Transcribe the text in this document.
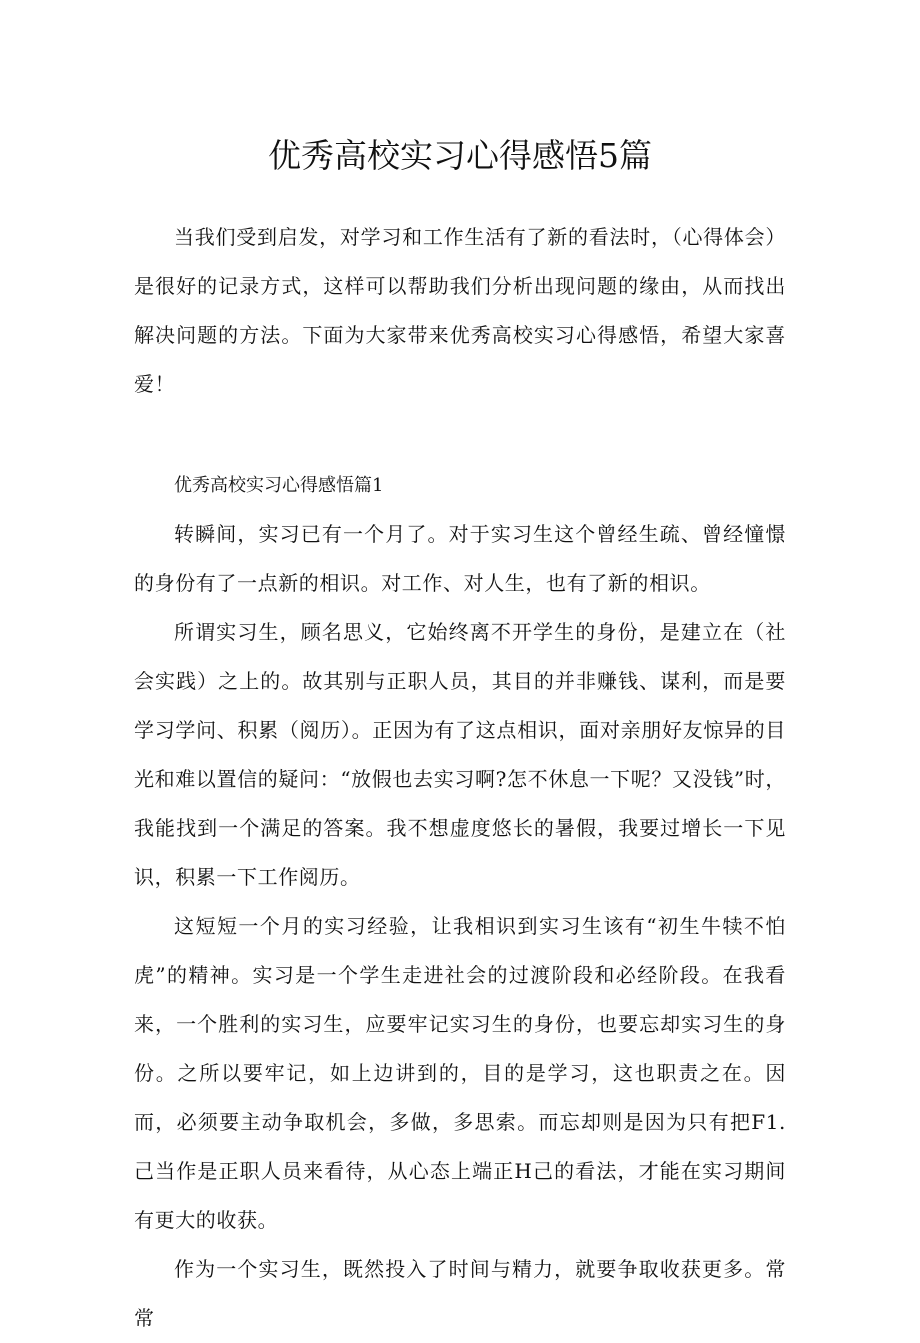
优秀高校实习心得感悟5篇

当我们受到启发，对学习和工作生活有了新的看法时，（心得体会）是很好的记录方式，这样可以帮助我们分析出现问题的缘由，从而找出解决问题的方法。下面为大家带来优秀高校实习心得感悟，希望大家喜爱！

优秀高校实习心得感悟篇1

转瞬间，实习已有一个月了。对于实习生这个曾经生疏、曾经憧憬的身份有了一点新的相识。对工作、对人生，也有了新的相识。

所谓实习生，顾名思义，它始终离不开学生的身份，是建立在（社会实践）之上的。故其别与正职人员，其目的并非赚钱、谋利，而是要学习学问、积累（阅历）。正因为有了这点相识，面对亲朋好友惊异的目光和难以置信的疑问：“放假也去实习啊?怎不休息一下呢？又没钱”时，我能找到一个满足的答案。我不想虚度悠长的暑假，我要过增长一下见识，积累一下工作阅历。

这短短一个月的实习经验，让我相识到实习生该有“初生牛犊不怕虎”的精神。实习是一个学生走进社会的过渡阶段和必经阶段。在我看来，一个胜利的实习生，应要牢记实习生的身份，也要忘却实习生的身份。之所以要牢记，如上边讲到的，目的是学习，这也职责之在。因而，必须要主动争取机会，多做，多思索。而忘却则是因为只有把F1.己当作是正职人员来看待，从心态上端正H己的看法，才能在实习期间有更大的收获。

作为一个实习生，既然投入了时间与精力，就要争取收获更多。常常
